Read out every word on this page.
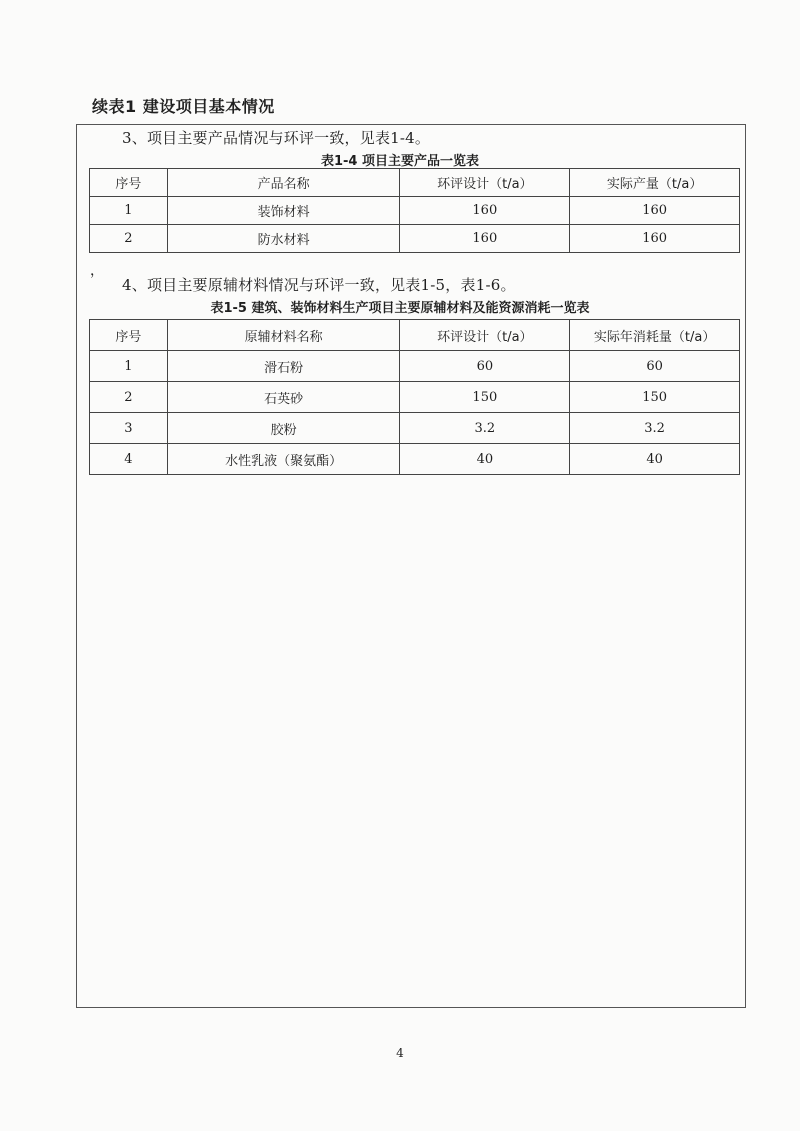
续表1 建设项目基本情况
3、项目主要产品情况与环评一致，见表1-4。
表1-4 项目主要产品一览表
序号	产品名称	环评设计（t/a）	实际产量（t/a）
1	装饰材料	160	160
2	防水材料	160	160
，
4、项目主要原辅材料情况与环评一致，见表1-5，表1-6。
表1-5 建筑、装饰材料生产项目主要原辅材料及能资源消耗一览表
序号	原辅材料名称	环评设计（t/a）	实际年消耗量（t/a）
1	滑石粉	60	60
2	石英砂	150	150
3	胶粉	3.2	3.2
4	水性乳液（聚氨酯）	40	40
4
